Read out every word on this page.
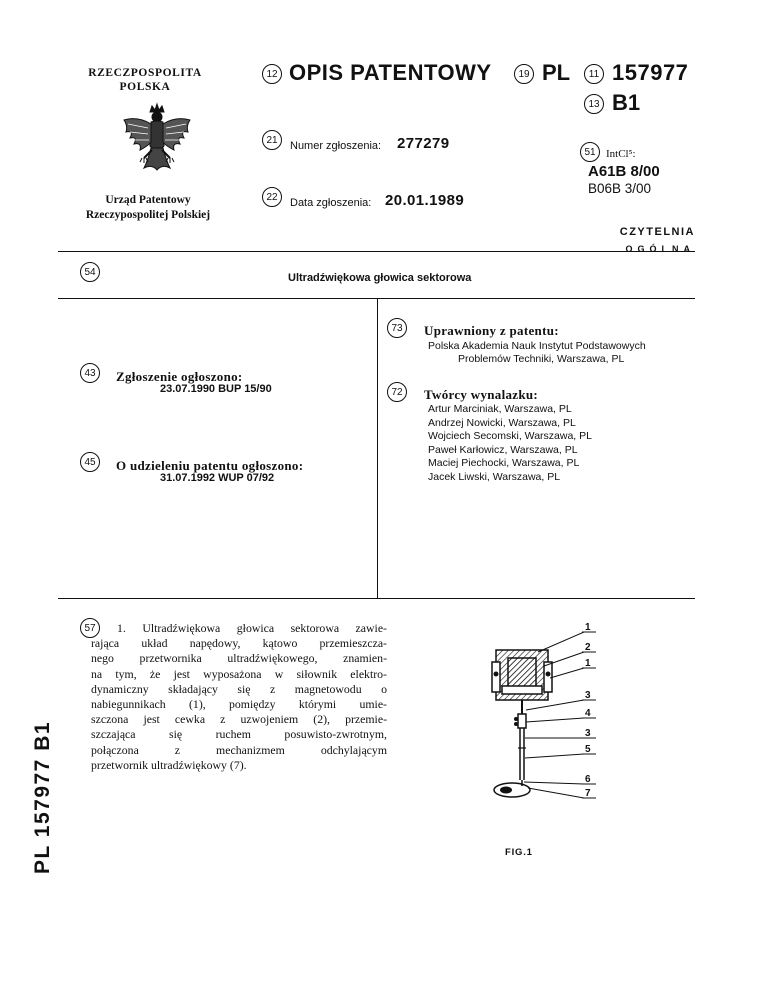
RZECZPOSPOLITA
POLSKA
Urząd Patentowy
Rzeczypospolitej Polskiej
12 OPIS PATENTOWY	19 PL	11 157977
13 B1
21	Numer zgłoszenia: 277279
22	Data zgłoszenia: 20.01.1989
51 IntCl⁵:
A61B 8/00
B06B 3/00
CZYTELNIA
OGÓLNA
54	Ultradźwiękowa głowica sektorowa
43	Zgłoszenie ogłoszono:
23.07.1990 BUP 15/90
45	O udzieleniu patentu ogłoszono:
31.07.1992 WUP 07/92
73	Uprawniony z patentu:
Polska Akademia Nauk Instytut Podstawowych
Problemów Techniki, Warszawa, PL
72	Twórcy wynalazku:
Artur Marciniak, Warszawa, PL
Andrzej Nowicki, Warszawa, PL
Wojciech Secomski, Warszawa, PL
Paweł Karłowicz, Warszawa, PL
Maciej Piechocki, Warszawa, PL
Jacek Liwski, Warszawa, PL
57	1. Ultradźwiękowa głowica sektorowa zawie-
rająca układ napędowy, kątowo przemieszcza-
nego przetwornika ultradźwiękowego, znamien-
na tym, że jest wyposażona w siłownik elektro-
dynamiczny składający się z magnetowodu o
nabiegunnikach (1), pomiędzy którymi umie-
szczona jest cewka z uzwojeniem (2), przemie-
szczająca się ruchem posuwisto-zwrotnym,
połączona z mechanizmem odchylającym
przetwornik ultradźwiękowy (7).
1
2
1
3
4
3
5
6
7
FIG.1
PL 157977 B1
